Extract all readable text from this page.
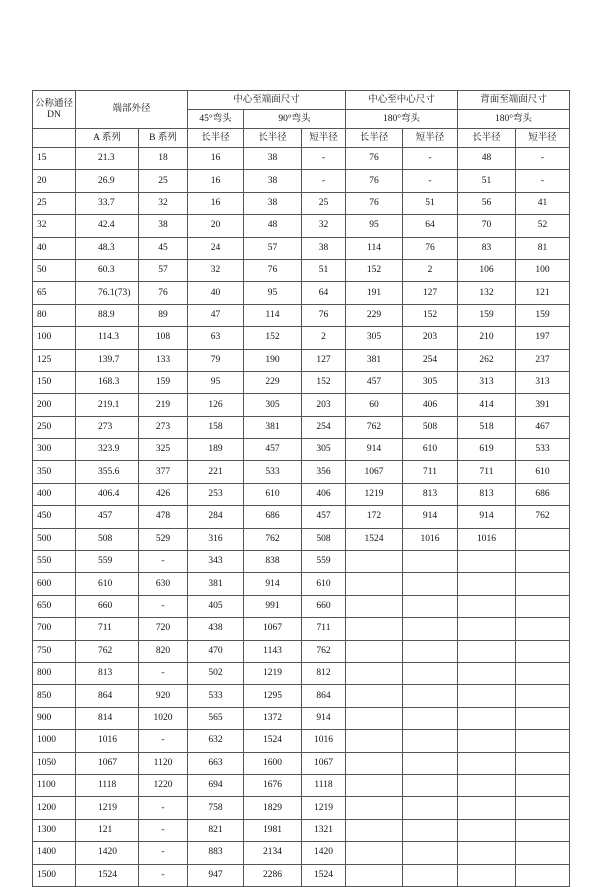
公称通径
DN	端部外径		中心至端面尺寸			中心至中心尺寸		背面至端面尺寸	
			45°弯头	90°弯头		180°弯头		180°弯头	
	A 系列	B 系列	长半径	长半径	短半径	长半径	短半径	长半径	短半径
15	21.3	18	16	38	-	76	-	48	-
20	26.9	25	16	38	-	76	-	51	-
25	33.7	32	16	38	25	76	51	56	41
32	42.4	38	20	48	32	95	64	70	52
40	48.3	45	24	57	38	114	76	83	81
50	60.3	57	32	76	51	152	2	106	100
65	76.1(73)	76	40	95	64	191	127	132	121
80	88.9	89	47	114	76	229	152	159	159
100	114.3	108	63	152	2	305	203	210	197
125	139.7	133	79	190	127	381	254	262	237
150	168.3	159	95	229	152	457	305	313	313
200	219.1	219	126	305	203	60	406	414	391
250	273	273	158	381	254	762	508	518	467
300	323.9	325	189	457	305	914	610	619	533
350	355.6	377	221	533	356	1067	711	711	610
400	406.4	426	253	610	406	1219	813	813	686
450	457	478	284	686	457	172	914	914	762
500	508	529	316	762	508	1524	1016	1016	
550	559	-	343	838	559				
600	610	630	381	914	610				
650	660	-	405	991	660				
700	711	720	438	1067	711				
750	762	820	470	1143	762				
800	813	-	502	1219	812				
850	864	920	533	1295	864				
900	814	1020	565	1372	914				
1000	1016	-	632	1524	1016				
1050	1067	1120	663	1600	1067				
1100	1118	1220	694	1676	1118				
1200	1219	-	758	1829	1219				
1300	121	-	821	1981	1321				
1400	1420	-	883	2134	1420				
1500	1524	-	947	2286	1524				
